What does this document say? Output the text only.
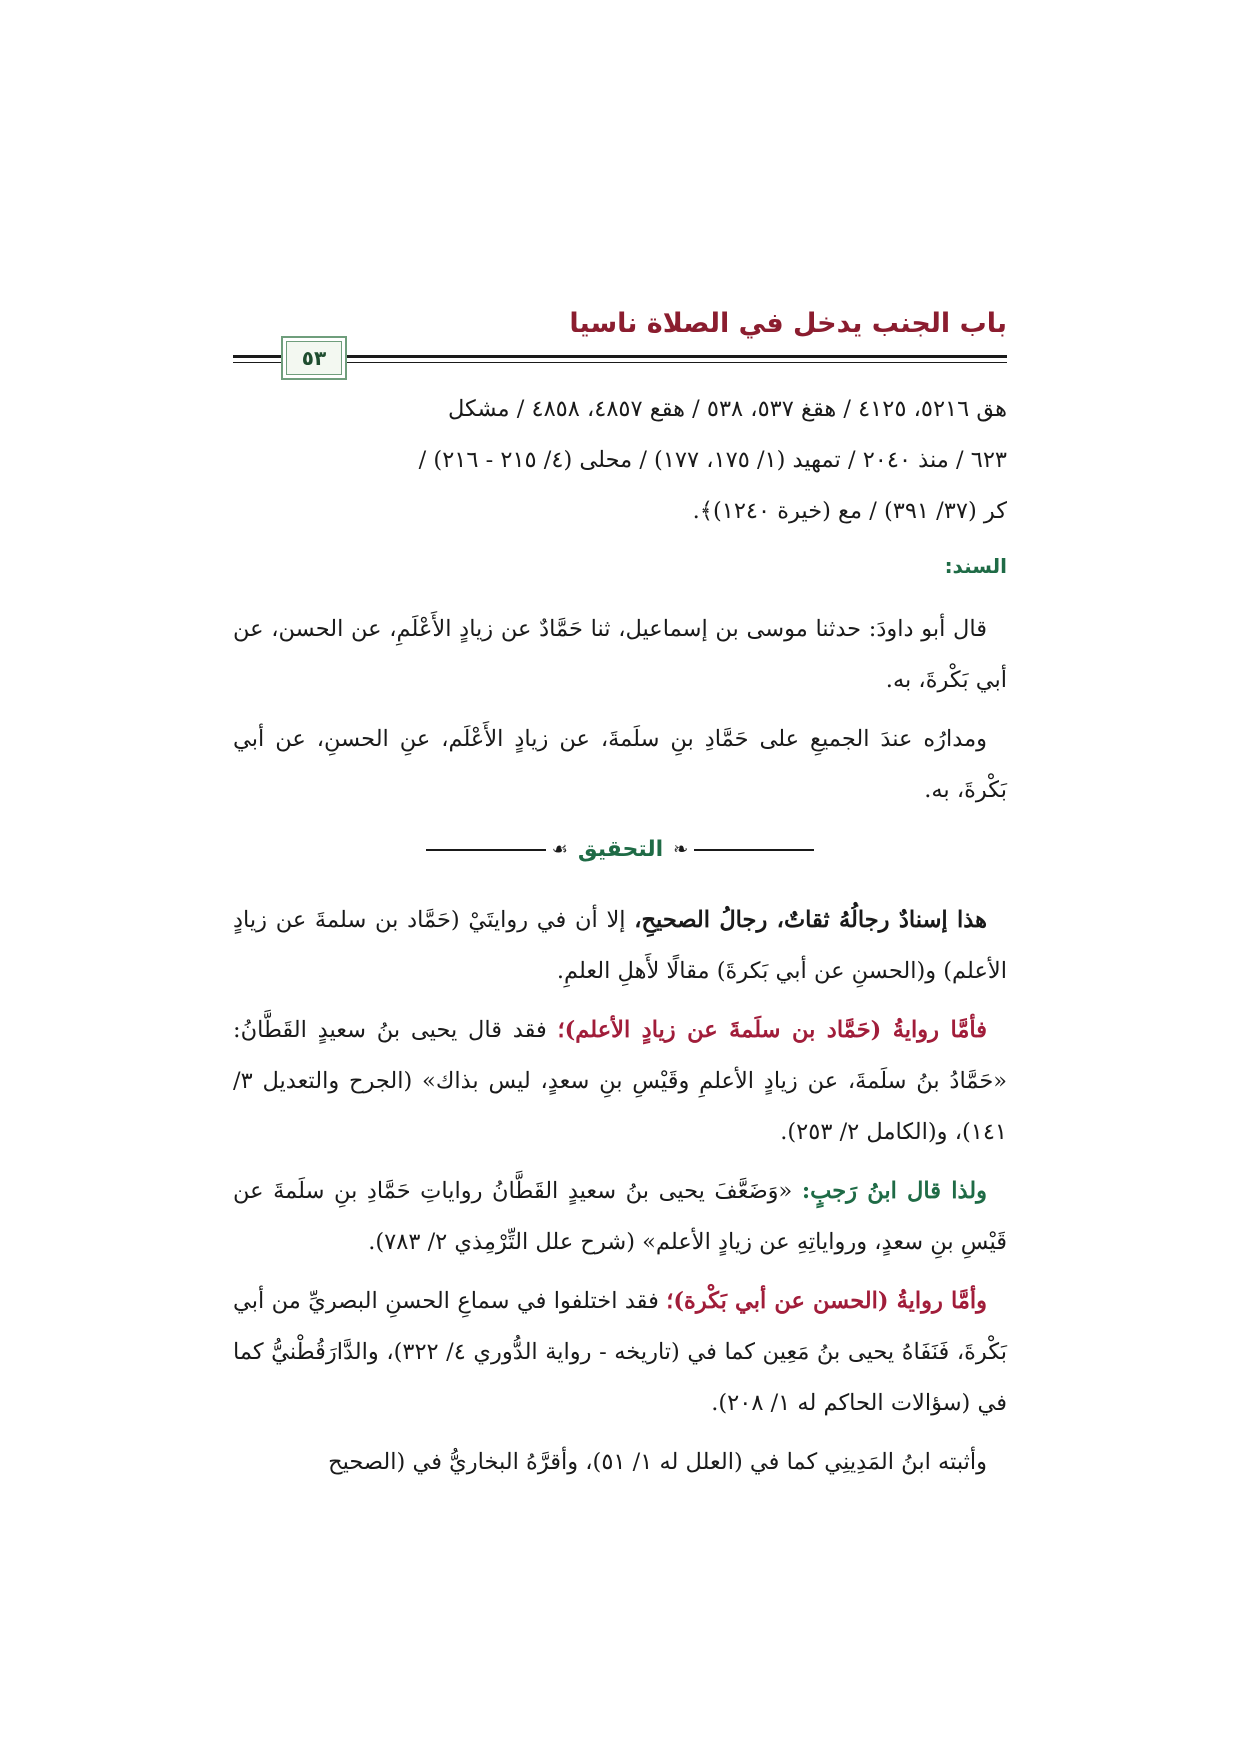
باب الجنب يدخل في الصلاة ناسيا
٥٣
هق ٥٢١٦، ٤١٢٥ / هقغ ٥٣٧، ٥٣٨ / هقع ٤٨٥٧، ٤٨٥٨ / مشكل
٦٢٣ / منذ ٢٠٤٠ / تمهيد (١/ ١٧٥، ١٧٧) / محلى (٤/ ٢١٥ - ٢١٦) /
كر (٣٧/ ٣٩١) / مع (خيرة ١٢٤٠)﴾.
السند:

قال أبو داودَ: حدثنا موسى بن إسماعيل، ثنا حَمَّادٌ عن زيادٍ الأَعْلَمِ، عن الحسن، عن أبي بَكْرةَ، به.

ومدارُه عندَ الجميعِ على حَمَّادِ بنِ سلَمةَ، عن زيادٍ الأَعْلَم، عنِ الحسنِ، عن أبي بَكْرةَ، به.

❧
التحقيق
☙

هذا إسنادٌ رجالُهُ ثقاتٌ، رجالُ الصحيحِ، إلا أن في روايتَيْ (حَمَّاد بن سلمةَ عن زيادٍ الأعلم) و(الحسنِ عن أبي بَكرةَ) مقالًا لأَهلِ العلمِ.

فأمَّا روايةُ (حَمَّاد بن سلَمةَ عن زيادٍ الأعلم)؛ فقد قال يحيى بنُ سعيدٍ القَطَّانُ: «حَمَّادُ بنُ سلَمةَ، عن زيادٍ الأعلمِ وقَيْسِ بنِ سعدٍ، ليس بذاك» (الجرح والتعديل ٣/ ١٤١)، و(الكامل ٢/ ٢٥٣).

ولذا قال ابنُ رَجبٍ: «وَضَعَّفَ يحيى بنُ سعيدٍ القَطَّانُ رواياتِ حَمَّادِ بنِ سلَمةَ عن قَيْسِ بنِ سعدٍ، ورواياتِهِ عن زيادٍ الأعلم» (شرح علل التِّرْمِذي ٢/ ٧٨٣).

وأمَّا روايةُ (الحسن عن أبي بَكْرة)؛ فقد اختلفوا في سماعِ الحسنِ البصريِّ من أبي بَكْرةَ، فَنَفَاهُ يحيى بنُ مَعِين كما في (تاريخه - رواية الدُّوري ٤/ ٣٢٢)، والدَّارَقُطْنيُّ كما في (سؤالات الحاكم له ١/ ٢٠٨).

وأثبته ابنُ المَدِينِي كما في (العلل له ١/ ٥١)، وأقرَّهُ البخاريُّ في (الصحيح
